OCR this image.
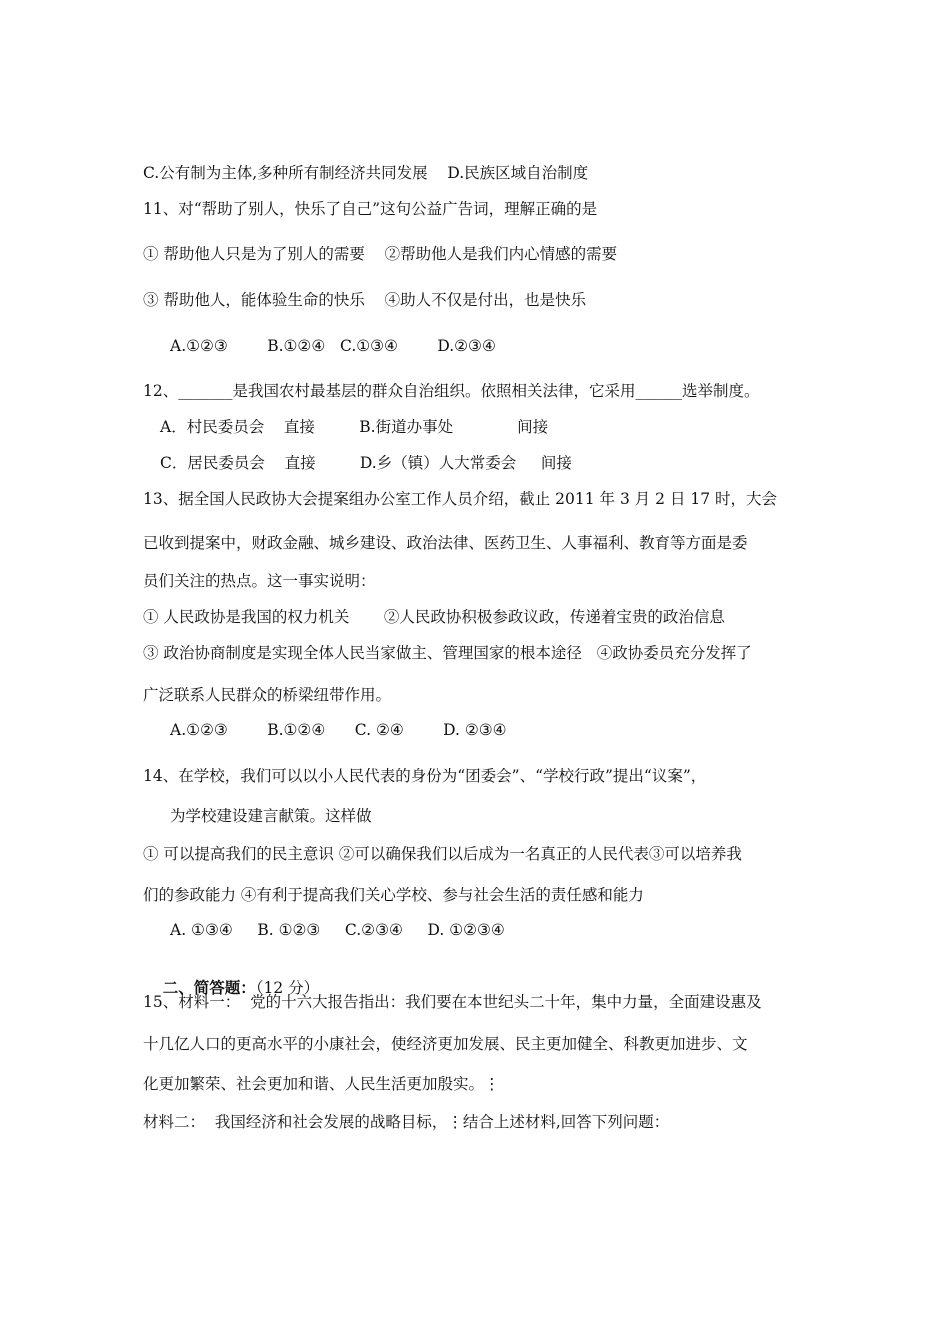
C.公有制为主体,多种所有制经济共同发展    D.民族区域自治制度
11、对“帮助了别人，快乐了自己”这句公益广告词，理解正确的是
① 帮助他人只是为了别人的需要    ②帮助他人是我们内心情感的需要
③ 帮助他人，能体验生命的快乐    ④助人不仅是付出，也是快乐
A.①②③        B.①②④   C.①③④        D.②③④
12、_______是我国农村最基层的群众自治组织。依照相关法律，它采用______选举制度。
A．村民委员会    直接         B.街道办事处             间接
C．居民委员会    直接         D.乡（镇）人大常委会     间接
13、据全国人民政协大会提案组办公室工作人员介绍，截止 2011 年 3 月 2 日 17 时，大会
已收到提案中，财政金融、城乡建设、政治法律、医药卫生、人事福利、教育等方面是委
员们关注的热点。这一事实说明：
① 人民政协是我国的权力机关       ②人民政协积极参政议政，传递着宝贵的政治信息
③ 政治协商制度是实现全体人民当家做主、管理国家的根本途径   ④政协委员充分发挥了
广泛联系人民群众的桥梁纽带作用。
A.①②③        B.①②④      C. ②④        D. ②③④
14、在学校，我们可以以小人民代表的身份为“团委会”、“学校行政”提出“议案”，
为学校建设建言献策。这样做
① 可以提高我们的民主意识 ②可以确保我们以后成为一名真正的人民代表③可以培养我
们的参政能力 ④有利于提高我们关心学校、参与社会生活的责任感和能力
A. ①③④     B. ①②③     C.②③④     D. ①②③④

二、简答题：（12 分）

15、材料一：  党的十六大报告指出：我们要在本世纪头二十年，集中力量，全面建设惠及
十几亿人口的更高水平的小康社会，使经济更加发展、民主更加健全、科教更加进步、文
化更加繁荣、社会更加和谐、人民生活更加殷实。⋮
材料二：  我国经济和社会发展的战略目标，⋮结合上述材料,回答下列问题：
